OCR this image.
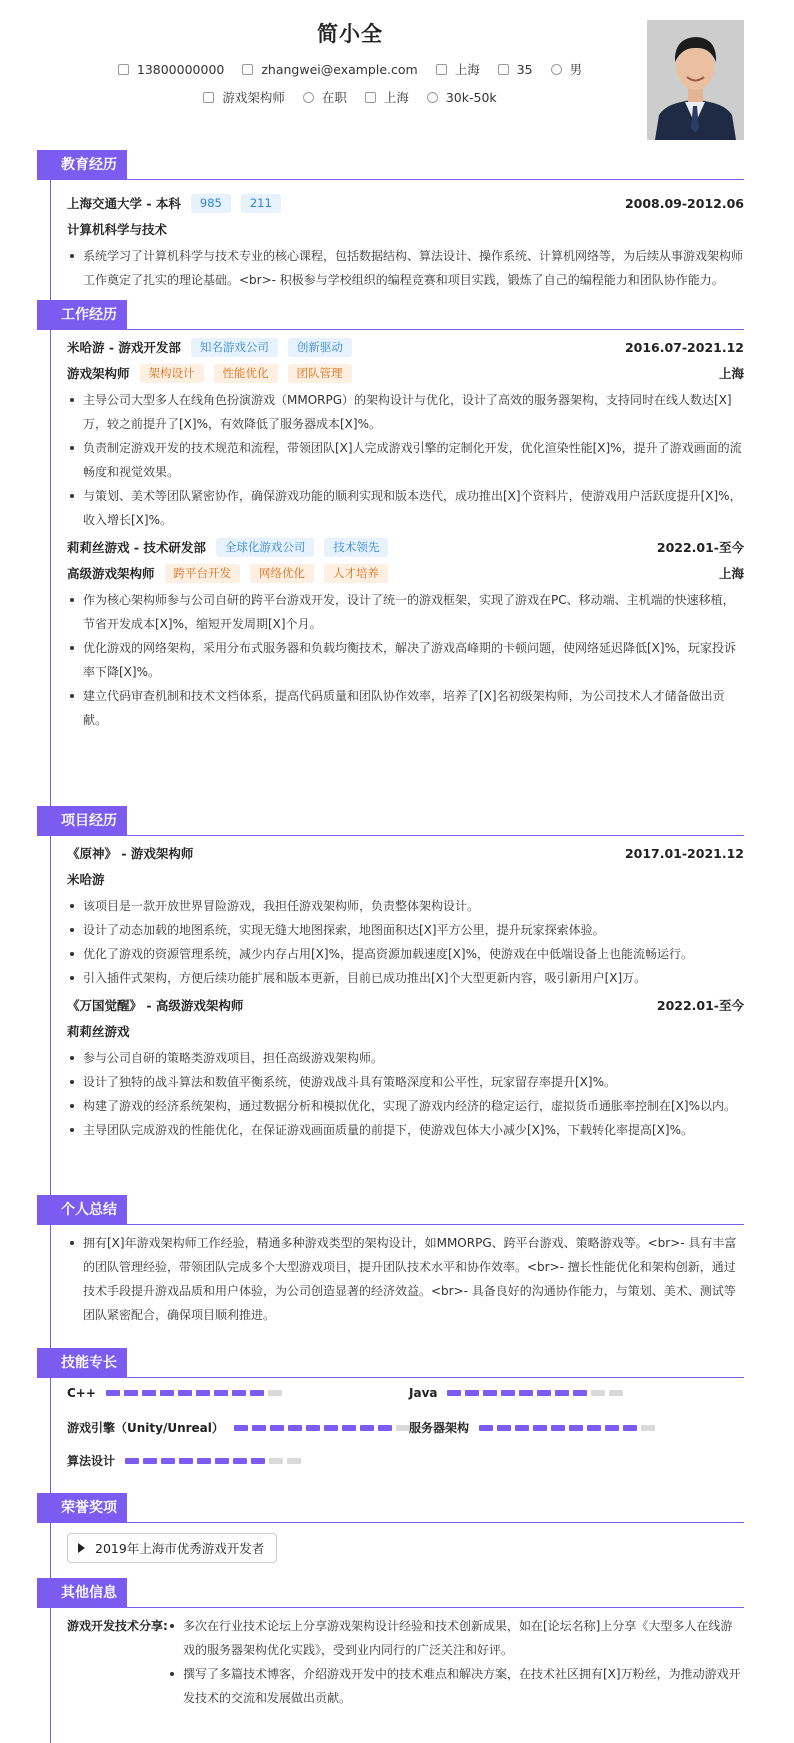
简小全
13800000000	zhangwei@example.com	上海	35	男
游戏架构师	在职	上海	30k-50k
教育经历
上海交通大学 - 本科	985	211	2008.09-2012.06
计算机科学与技术
系统学习了计算机科学与技术专业的核心课程，包括数据结构、算法设计、操作系统、计算机网络等，为后续从事游戏架构师工作奠定了扎实的理论基础。<br>- 积极参与学校组织的编程竞赛和项目实践，锻炼了自己的编程能力和团队协作能力。
工作经历
米哈游 - 游戏开发部	知名游戏公司	创新驱动	2016.07-2021.12
游戏架构师	架构设计	性能优化	团队管理	上海
主导公司大型多人在线角色扮演游戏（MMORPG）的架构设计与优化，设计了高效的服务器架构，支持同时在线人数达[X]万，较之前提升了[X]%，有效降低了服务器成本[X]%。
负责制定游戏开发的技术规范和流程，带领团队[X]人完成游戏引擎的定制化开发，优化渲染性能[X]%，提升了游戏画面的流畅度和视觉效果。
与策划、美术等团队紧密协作，确保游戏功能的顺利实现和版本迭代，成功推出[X]个资料片，使游戏用户活跃度提升[X]%，收入增长[X]%。
莉莉丝游戏 - 技术研发部	全球化游戏公司	技术领先	2022.01-至今
高级游戏架构师	跨平台开发	网络优化	人才培养	上海
作为核心架构师参与公司自研的跨平台游戏开发，设计了统一的游戏框架，实现了游戏在PC、移动端、主机端的快速移植，节省开发成本[X]%，缩短开发周期[X]个月。
优化游戏的网络架构，采用分布式服务器和负载均衡技术，解决了游戏高峰期的卡顿问题，使网络延迟降低[X]%，玩家投诉率下降[X]%。
建立代码审查机制和技术文档体系，提高代码质量和团队协作效率，培养了[X]名初级架构师，为公司技术人才储备做出贡献。
项目经历
《原神》 - 游戏架构师	2017.01-2021.12
米哈游
该项目是一款开放世界冒险游戏，我担任游戏架构师，负责整体架构设计。
设计了动态加载的地图系统，实现无缝大地图探索，地图面积达[X]平方公里，提升玩家探索体验。
优化了游戏的资源管理系统，减少内存占用[X]%，提高资源加载速度[X]%，使游戏在中低端设备上也能流畅运行。
引入插件式架构，方便后续功能扩展和版本更新，目前已成功推出[X]个大型更新内容，吸引新用户[X]万。
《万国觉醒》 - 高级游戏架构师	2022.01-至今
莉莉丝游戏
参与公司自研的策略类游戏项目，担任高级游戏架构师。
设计了独特的战斗算法和数值平衡系统，使游戏战斗具有策略深度和公平性，玩家留存率提升[X]%。
构建了游戏的经济系统架构，通过数据分析和模拟优化，实现了游戏内经济的稳定运行，虚拟货币通胀率控制在[X]%以内。
主导团队完成游戏的性能优化，在保证游戏画面质量的前提下，使游戏包体大小减少[X]%，下载转化率提高[X]%。
个人总结
拥有[X]年游戏架构师工作经验，精通多种游戏类型的架构设计，如MMORPG、跨平台游戏、策略游戏等。<br>- 具有丰富的团队管理经验，带领团队完成多个大型游戏项目，提升团队技术水平和协作效率。<br>- 擅长性能优化和架构创新，通过技术手段提升游戏品质和用户体验，为公司创造显著的经济效益。<br>- 具备良好的沟通协作能力，与策划、美术、测试等团队紧密配合，确保项目顺利推进。
技能专长
C++	Java
游戏引擎（Unity/Unreal）	服务器架构
算法设计
荣誉奖项
2019年上海市优秀游戏开发者
其他信息
游戏开发技术分享:	多次在行业技术论坛上分享游戏架构设计经验和技术创新成果，如在[论坛名称]上分享《大型多人在线游戏的服务器架构优化实践》，受到业内同行的广泛关注和好评。
撰写了多篇技术博客，介绍游戏开发中的技术难点和解决方案，在技术社区拥有[X]万粉丝，为推动游戏开发技术的交流和发展做出贡献。
